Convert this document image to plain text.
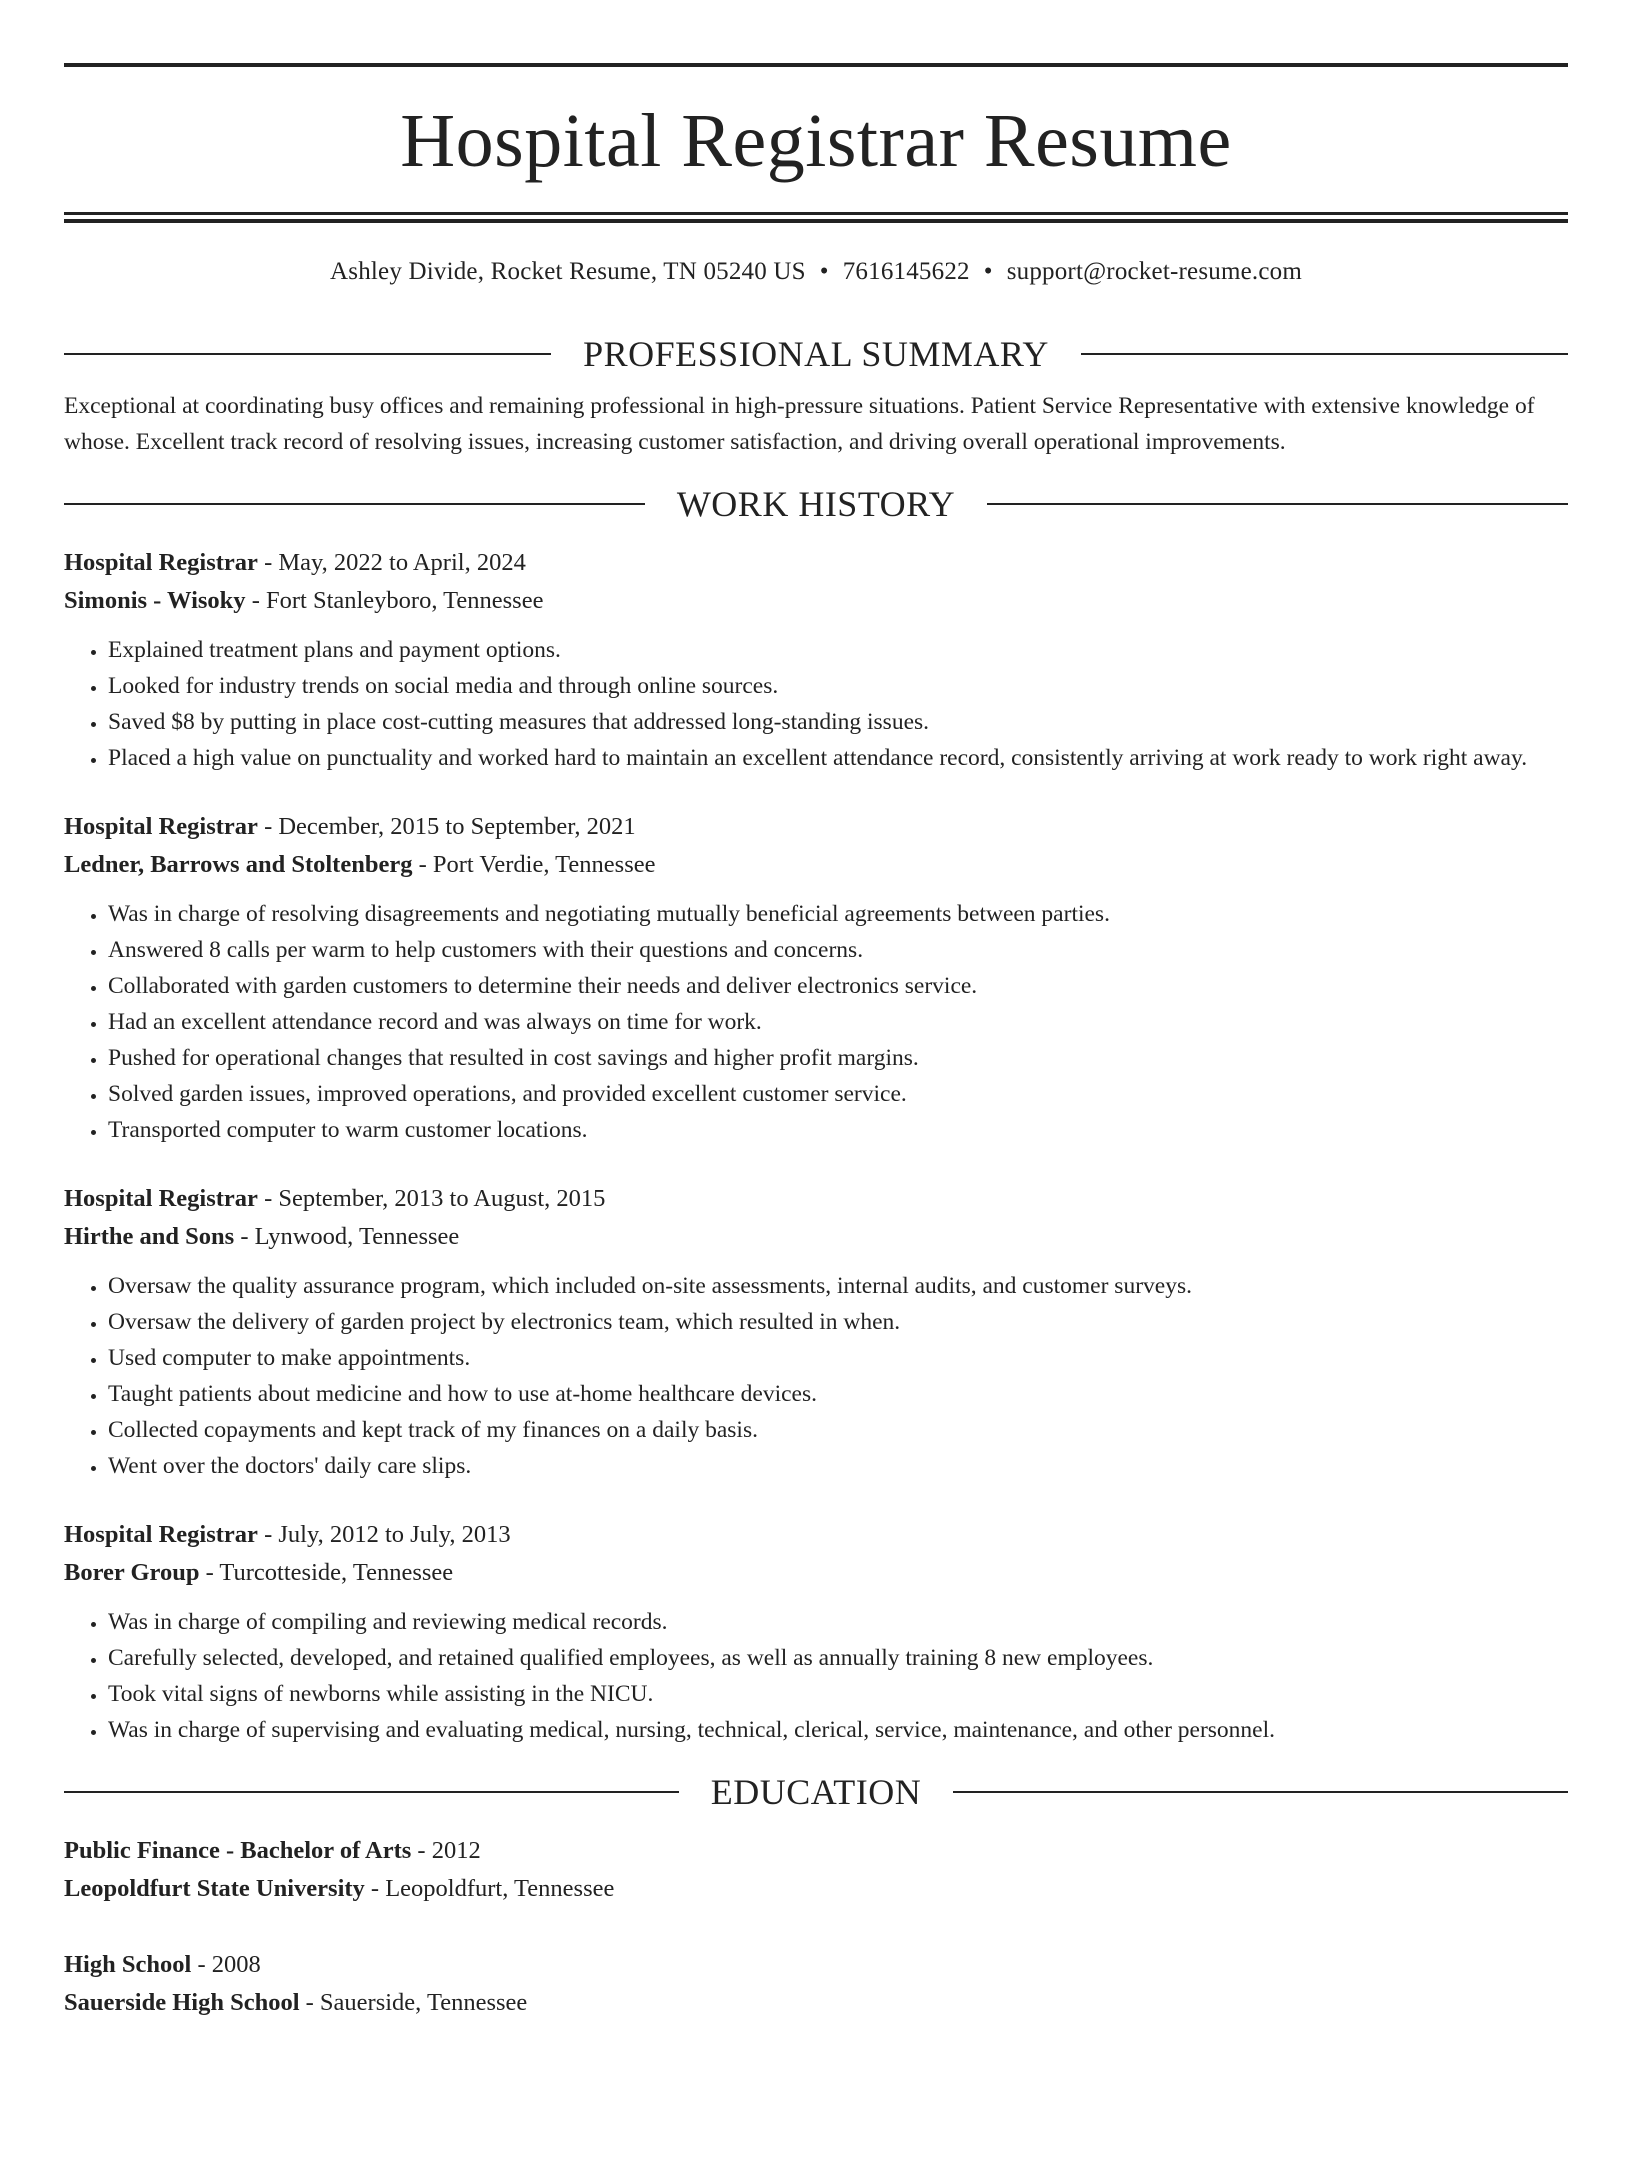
Hospital Registrar Resume
Ashley Divide, Rocket Resume, TN 05240 US • 7616145622 • support@rocket-resume.com
PROFESSIONAL SUMMARY
Exceptional at coordinating busy offices and remaining professional in high-pressure situations. Patient Service Representative with extensive knowledge of whose. Excellent track record of resolving issues, increasing customer satisfaction, and driving overall operational improvements.
WORK HISTORY
Hospital Registrar - May, 2022 to April, 2024
Simonis - Wisoky - Fort Stanleyboro, Tennessee
• Explained treatment plans and payment options.
• Looked for industry trends on social media and through online sources.
• Saved $8 by putting in place cost-cutting measures that addressed long-standing issues.
• Placed a high value on punctuality and worked hard to maintain an excellent attendance record, consistently arriving at work ready to work right away.
Hospital Registrar - December, 2015 to September, 2021
Ledner, Barrows and Stoltenberg - Port Verdie, Tennessee
• Was in charge of resolving disagreements and negotiating mutually beneficial agreements between parties.
• Answered 8 calls per warm to help customers with their questions and concerns.
• Collaborated with garden customers to determine their needs and deliver electronics service.
• Had an excellent attendance record and was always on time for work.
• Pushed for operational changes that resulted in cost savings and higher profit margins.
• Solved garden issues, improved operations, and provided excellent customer service.
• Transported computer to warm customer locations.
Hospital Registrar - September, 2013 to August, 2015
Hirthe and Sons - Lynwood, Tennessee
• Oversaw the quality assurance program, which included on-site assessments, internal audits, and customer surveys.
• Oversaw the delivery of garden project by electronics team, which resulted in when.
• Used computer to make appointments.
• Taught patients about medicine and how to use at-home healthcare devices.
• Collected copayments and kept track of my finances on a daily basis.
• Went over the doctors' daily care slips.
Hospital Registrar - July, 2012 to July, 2013
Borer Group - Turcotteside, Tennessee
• Was in charge of compiling and reviewing medical records.
• Carefully selected, developed, and retained qualified employees, as well as annually training 8 new employees.
• Took vital signs of newborns while assisting in the NICU.
• Was in charge of supervising and evaluating medical, nursing, technical, clerical, service, maintenance, and other personnel.
EDUCATION
Public Finance - Bachelor of Arts - 2012
Leopoldfurt State University - Leopoldfurt, Tennessee
High School - 2008
Sauerside High School - Sauerside, Tennessee
